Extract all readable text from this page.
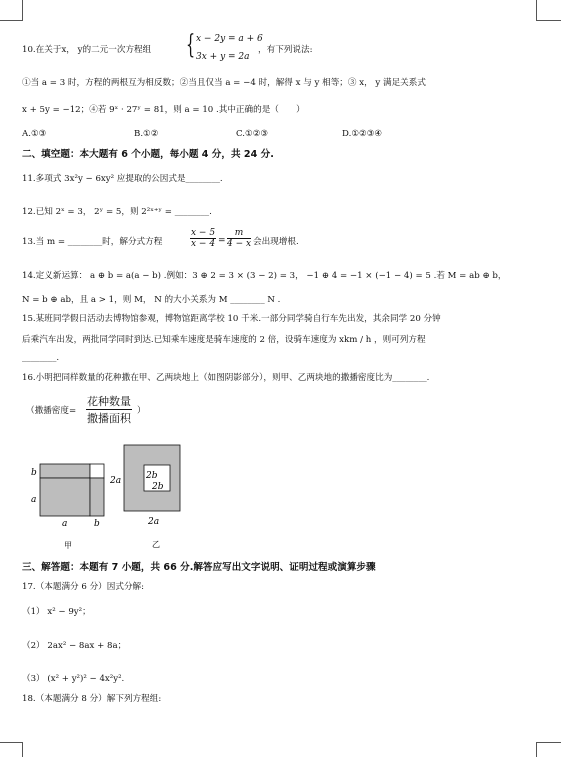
10.在关于x， y的二元一次方程组 { x − 2y = a + 6
3x + y = 2a
，有下列说法:
①当 a = 3 时，方程的两根互为相反数；②当且仅当 a = −4 时，解得 x 与 y 相等；③ x， y 满足关系式
x + 5y = −12；④若 9ˣ · 27ʸ = 81，则 a = 10 .其中正确的是（　　）
A.①③	B.①②	C.①②③	D.①②③④
二、填空题：本大题有 6 个小题，每小题 4 分，共 24 分.
11.多项式 3x²y − 6xy² 应提取的公因式是________.
12.已知 2ˣ = 3， 2ʸ = 5，则 2²ˣ⁺ʸ = ________.
13.当 m = ________时，解分式方程	$\frac{x - 5}{x - 4} = \frac{m}{4 - x}$ 会出现增根.
14.定义新运算： a ⊕ b = a(a − b) .例如：3 ⊕ 2 = 3 × (3 − 2) = 3， −1 ⊕ 4 = −1 × (−1 − 4) = 5 .若 M = ab ⊕ b，
N = b ⊕ ab，且 a > 1，则 M， N 的大小关系为 M ________ N .
15.某班同学假日活动去博物馆参观，博物馆距离学校 10 千米.一部分同学骑自行车先出发，其余同学 20 分钟
后乘汽车出发，两批同学同时到达.已知乘车速度是骑车速度的 2 倍，设骑车速度为 xkm / h ，则可列方程
________.
16.小明把同样数量的花种撒在甲、乙两块地上（如图阴影部分），则甲、乙两块地的撒播密度比为________.
（撒播密度=
花种数量
撒播面积
）
b
a
a	b
甲
2a	2b
2b
2a
乙
三、解答题：本题有 7 小题，共 66 分.解答应写出文字说明、证明过程或演算步骤
17.（本题满分 6 分）因式分解:
（1） x² − 9y²；
（2） 2ax² − 8ax + 8a；
（3） (x² + y²)² − 4x²y².
18.（本题满分 8 分）解下列方程组:
